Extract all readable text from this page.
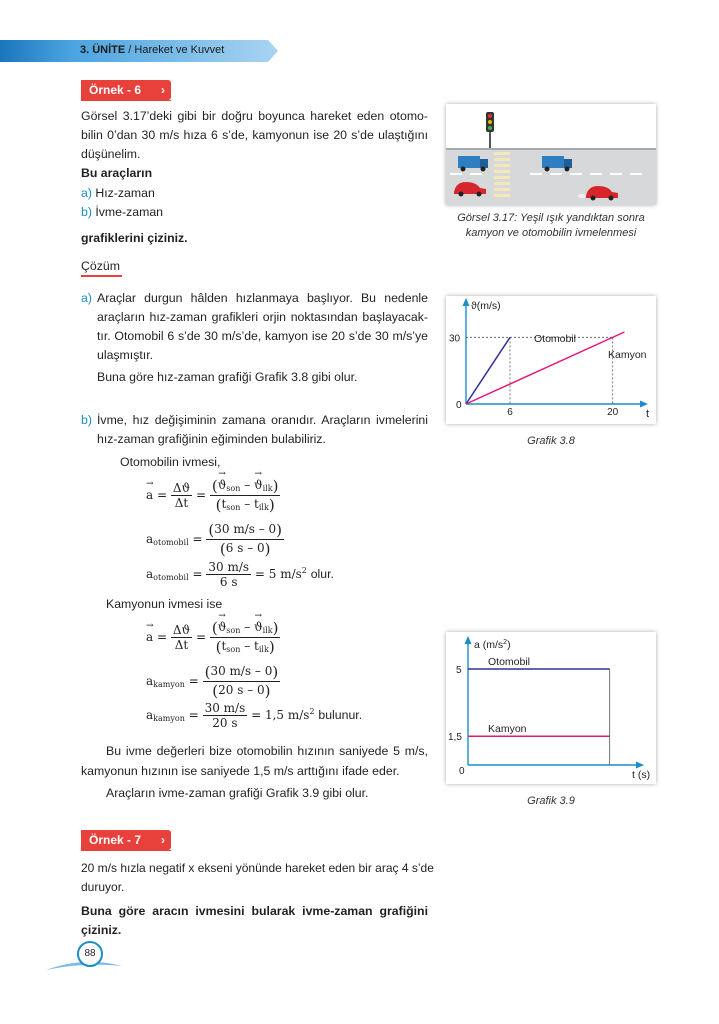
3. ÜNİTE / Hareket ve Kuvvet
Örnek - 6 ›
Görsel 3.17’deki gibi bir doğru boyunca hareket eden otomo-
bilin 0’dan 30 m/s hıza 6 s’de, kamyonun ise 20 s’de ulaştığını
düşünelim.
Bu araçların
a) Hız-zaman
b) İvme-zaman
grafiklerini çiziniz.
Görsel 3.17: Yeşil ışık yandıktan sonra
kamyon ve otomobilin ivmelenmesi
Çözüm
a) Araçlar durgun hâlden hızlanmaya başlıyor. Bu nedenle
araçların hız-zaman grafikleri orjin noktasından başlayacak-
tır. Otomobil 6 s’de 30 m/s’de, kamyon ise 20 s’de 30 m/s’ye
ulaşmıştır.
Buna göre hız-zaman grafiği Grafik 3.8 gibi olur.
ϑ(m/s)
t
0
30
6	20
Otomobil
Kamyon
Grafik 3.8
b) İvme, hız değişiminin zamana oranıdır. Araçların ivmelerini
hız-zaman grafiğinin eğiminden bulabiliriz.
Otomobilin ivmesi,
→ $a = \frac{\Delta ϑ}{\Delta t} = \frac{(\to ϑ_{son} - \to ϑ_{ilk})}{(t_{son} - t_{ilk})}$
$a_{otomobil} = \frac{(30 m/s - 0)}{(6 s - 0)}$
$a_{otomobil} = \frac{30 m/s}{6 s} = 5$ $m/s^2$ olur.
Kamyonun ivmesi ise
→ $a = \frac{\Delta ϑ}{\Delta t} = \frac{(\to ϑ_{son} - \to ϑ_{ilk})}{(t_{son} - t_{ilk})}$
$a_{kamyon} = \frac{(30 m/s - 0)}{(20 s - 0)}$
$a_{kamyon} = \frac{30 m/s}{20 s} = 1,5$ $m/s^2$ bulunur.
Bu ivme değerleri bize otomobilin hızının saniyede 5 m/s,
kamyonun hızının ise saniyede 1,5 m/s arttığını ifade eder.
Araçların ivme-zaman grafiği Grafik 3.9 gibi olur.
a $(m/s^2)$
t (s)
0
5
1,5
Otomobil
Kamyon
Grafik 3.9
Örnek - 7 ›
20 m/s hızla negatif x ekseni yönünde hareket eden bir araç 4 s’de
duruyor.
Buna göre aracın ivmesini bularak ivme-zaman grafiğini
çiziniz.
88
